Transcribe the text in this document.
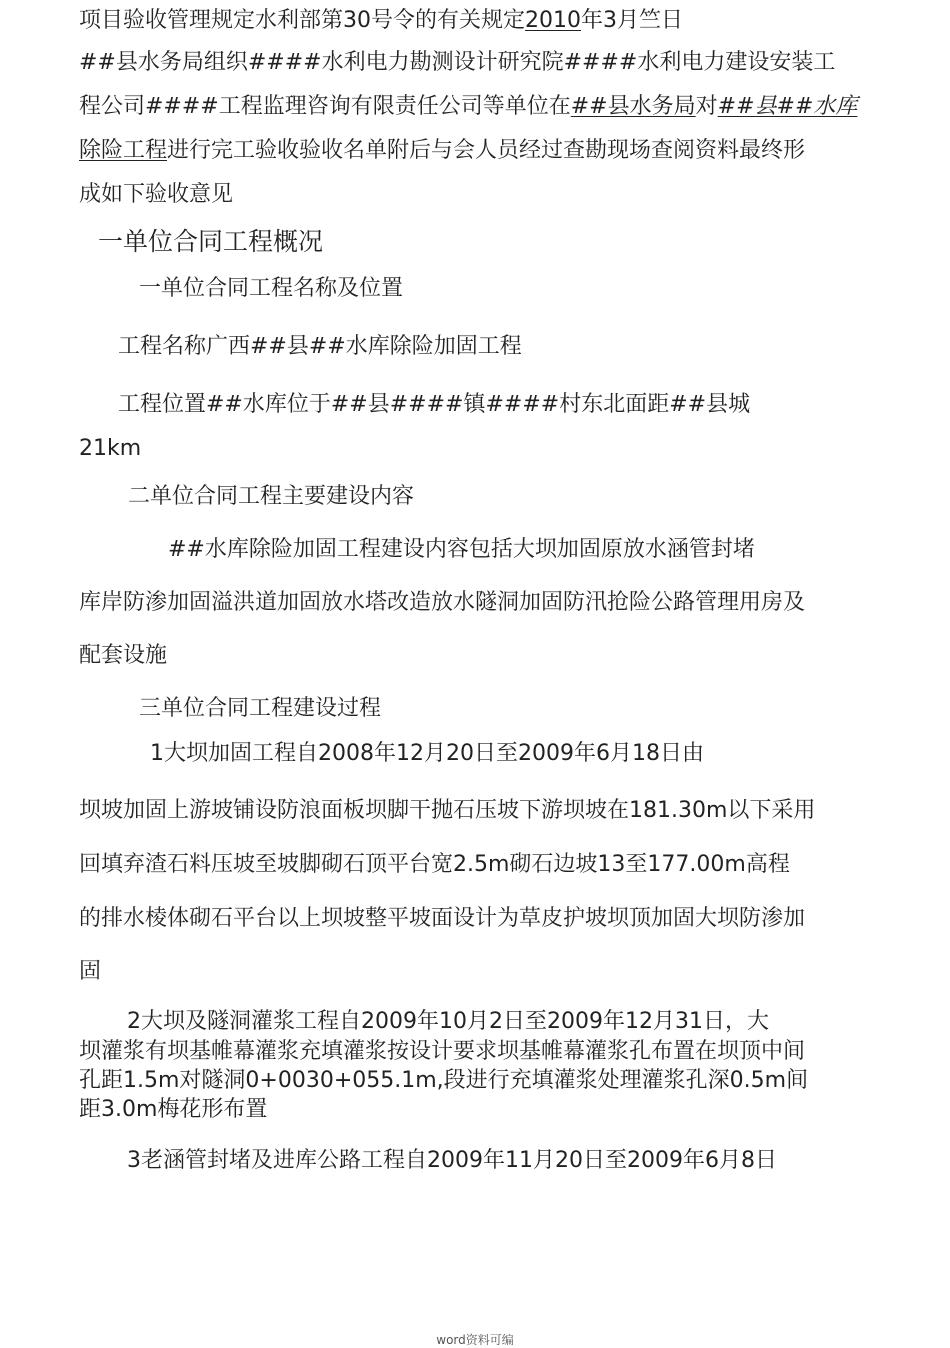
项目验收管理规定水利部第30号令的有关规定2010年3月竺日
##县水务局组织####水利电力勘测设计研究院####水利电力建设安装工
程公司####工程监理咨询有限责任公司等单位在##县水务局对##县##水库
除险工程进行完工验收验收名单附后与会人员经过查勘现场查阅资料最终形
成如下验收意见
一单位合同工程概况
一单位合同工程名称及位置
工程名称广西##县##水库除险加固工程
工程位置##水库位于##县####镇####村东北面距##县城
21km
二单位合同工程主要建设内容
##水库除险加固工程建设内容包括大坝加固原放水涵管封堵
库岸防渗加固溢洪道加固放水塔改造放水隧洞加固防汛抢险公路管理用房及
配套设施
三单位合同工程建设过程
1大坝加固工程自2008年12月20日至2009年6月18日由
坝坡加固上游坡铺设防浪面板坝脚干抛石压坡下游坝坡在181.30m以下采用
回填弃渣石料压坡至坡脚砌石顶平台宽2.5m砌石边坡13至177.00m高程
的排水棱体砌石平台以上坝坡整平坡面设计为草皮护坡坝顶加固大坝防渗加
固
2大坝及隧洞灌浆工程自2009年10月2日至2009年12月31日，大
坝灌浆有坝基帷幕灌浆充填灌浆按设计要求坝基帷幕灌浆孔布置在坝顶中间
孔距1.5m对隧洞0+0030+055.1m,段进行充填灌浆处理灌浆孔深0.5m间
距3.0m梅花形布置
3老涵管封堵及进库公路工程自2009年11月20日至2009年6月8日
word资料可编
